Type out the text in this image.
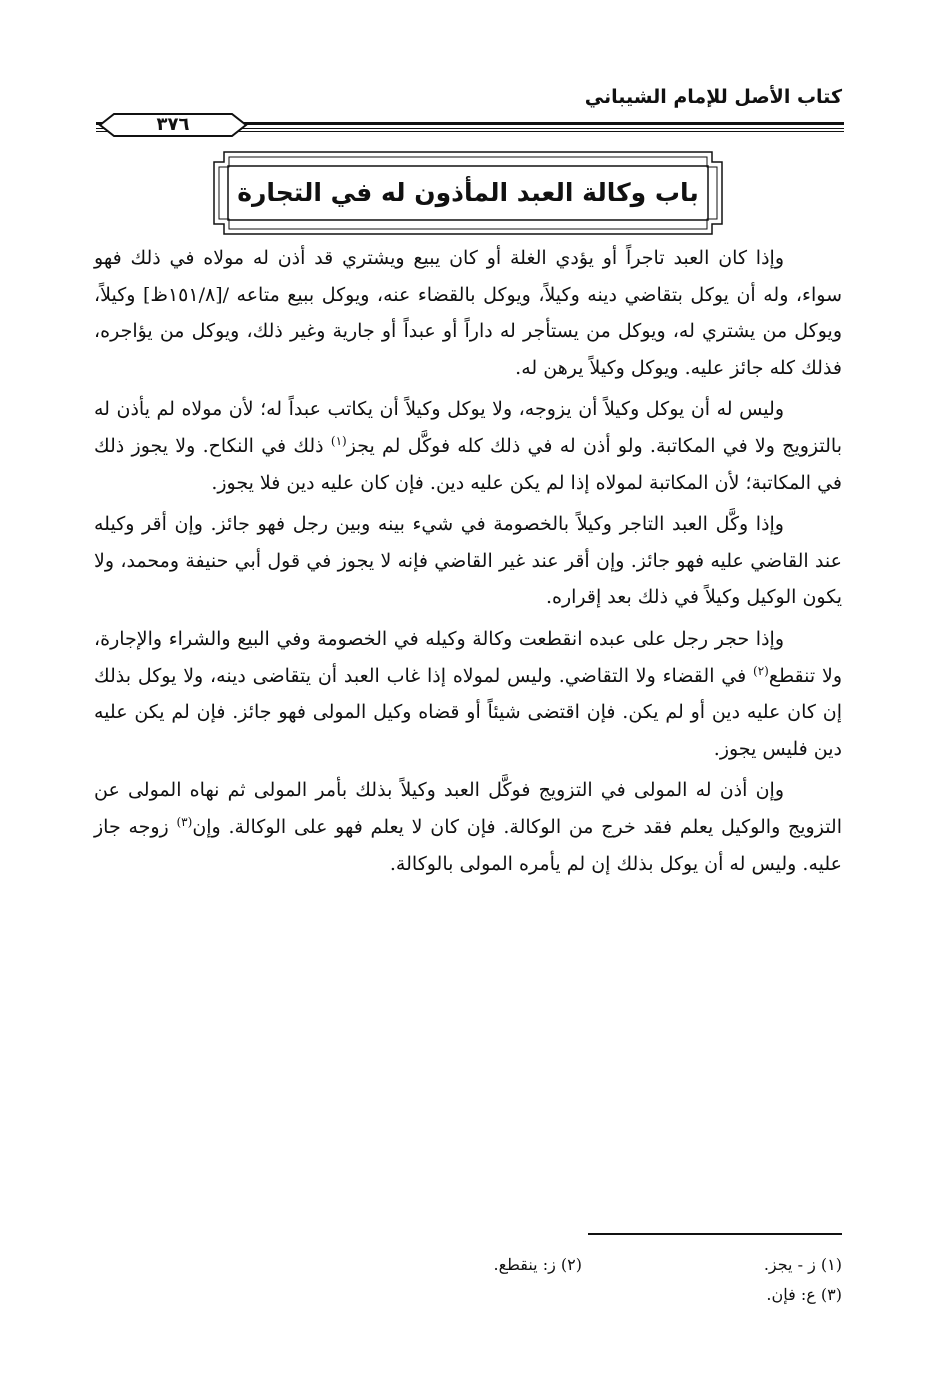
كتاب الأصل للإمام الشيباني
٣٧٦
باب وكالة العبد المأذون له في التجارة

وإذا كان العبد تاجراً أو يؤدي الغلة أو كان يبيع ويشتري قد أذن له مولاه في ذلك فهو سواء، وله أن يوكل بتقاضي دينه وكيلاً، ويوكل بالقضاء عنه، ويوكل ببيع متاعه /[١٥١/٨ظ] وكيلاً، ويوكل من يشتري له، ويوكل من يستأجر له داراً أو عبداً أو جارية وغير ذلك، ويوكل من يؤاجره، فذلك كله جائز عليه. ويوكل وكيلاً يرهن له.

وليس له أن يوكل وكيلاً أن يزوجه، ولا يوكل وكيلاً أن يكاتب عبداً له؛ لأن مولاه لم يأذن له بالتزويج ولا في المكاتبة. ولو أذن له في ذلك كله فوكَّل لم يجز$^{(١)}$ ذلك في النكاح. ولا يجوز ذلك في المكاتبة؛ لأن المكاتبة لمولاه إذا لم يكن عليه دين. فإن كان عليه دين فلا يجوز.

وإذا وكَّل العبد التاجر وكيلاً بالخصومة في شيء بينه وبين رجل فهو جائز. وإن أقر وكيله عند القاضي عليه فهو جائز. وإن أقر عند غير القاضي فإنه لا يجوز في قول أبي حنيفة ومحمد، ولا يكون الوكيل وكيلاً في ذلك بعد إقراره.

وإذا حجر رجل على عبده انقطعت وكالة وكيله في الخصومة وفي البيع والشراء والإجارة، ولا تنقطع$^{(٢)}$ في القضاء ولا التقاضي. وليس لمولاه إذا غاب العبد أن يتقاضى دينه، ولا يوكل بذلك إن كان عليه دين أو لم يكن. فإن اقتضى شيئاً أو قضاه وكيل المولى فهو جائز. فإن لم يكن عليه دين فليس يجوز.

وإن أذن له المولى في التزويج فوكَّل العبد وكيلاً بذلك بأمر المولى ثم نهاه المولى عن التزويج والوكيل يعلم فقد خرج من الوكالة. فإن كان لا يعلم فهو على الوكالة. وإن$^{(٣)}$ زوجه جاز عليه. وليس له أن يوكل بذلك إن لم يأمره المولى بالوكالة.

(١) ز - يجز.
(٢) ز: ينقطع.
(٣) ع: فإن.
